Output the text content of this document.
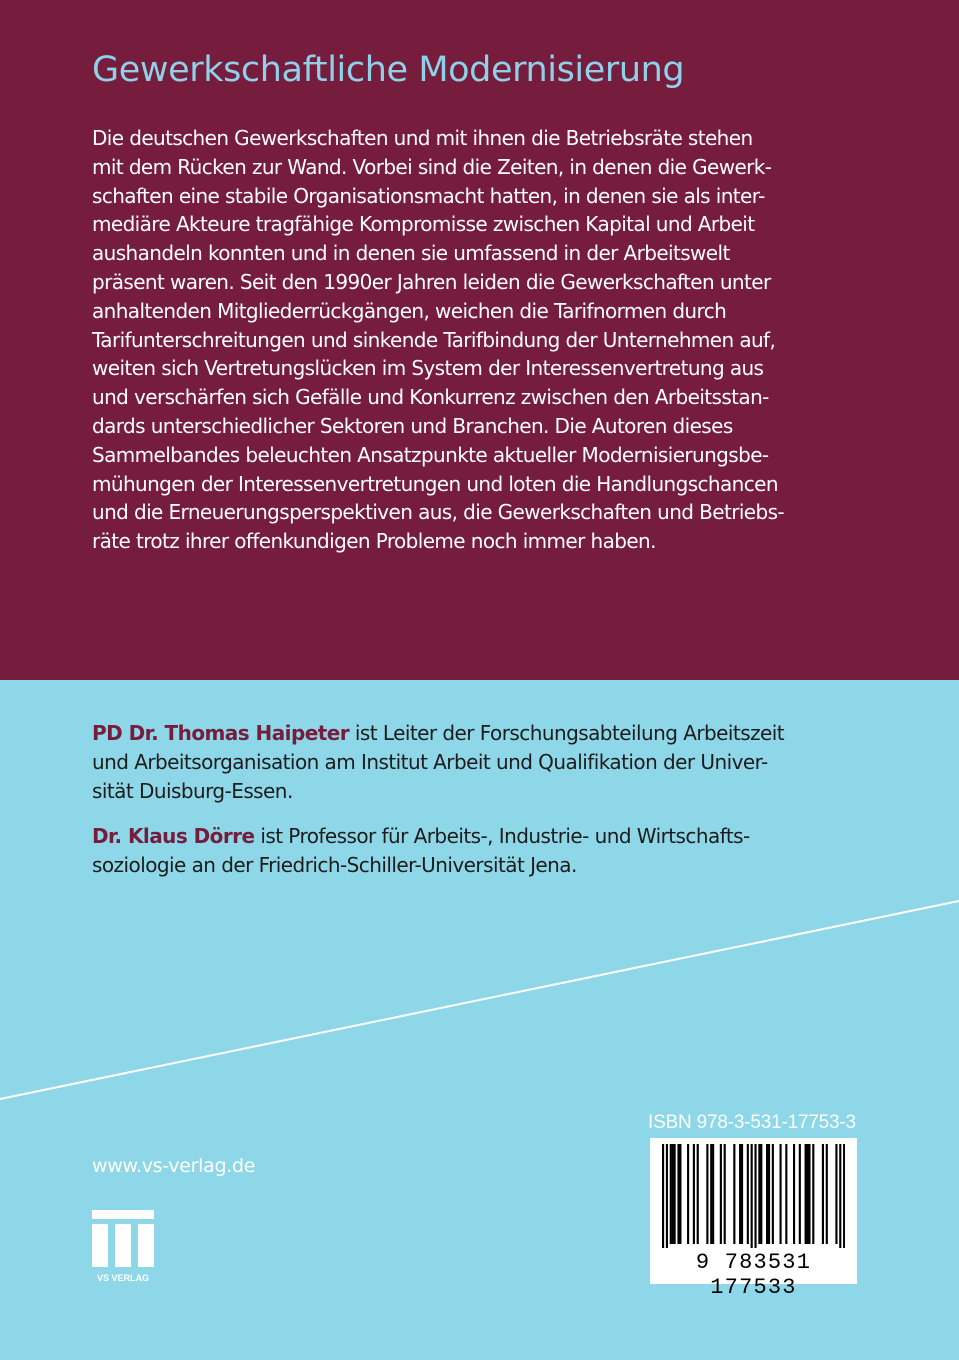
Gewerkschaftliche Modernisierung
Die deutschen Gewerkschaften und mit ihnen die Betriebsräte stehen
mit dem Rücken zur Wand. Vorbei sind die Zeiten, in denen die Gewerk-
schaften eine stabile Organisationsmacht hatten, in denen sie als inter-
mediäre Akteure tragfähige Kompromisse zwischen Kapital und Arbeit
aushandeln konnten und in denen sie umfassend in der Arbeitswelt
präsent waren. Seit den 1990er Jahren leiden die Gewerkschaften unter
anhaltenden Mitgliederrückgängen, weichen die Tarifnormen durch
Tarifunterschreitungen und sinkende Tarifbindung der Unternehmen auf,
weiten sich Vertretungslücken im System der Interessenvertretung aus
und verschärfen sich Gefälle und Konkurrenz zwischen den Arbeitsstan-
dards unterschiedlicher Sektoren und Branchen. Die Autoren dieses
Sammelbandes beleuchten Ansatzpunkte aktueller Modernisierungsbe-
mühungen der Interessenvertretungen und loten die Handlungschancen
und die Erneuerungsperspektiven aus, die Gewerkschaften und Betriebs-
räte trotz ihrer offenkundigen Probleme noch immer haben.
PD Dr. Thomas Haipeter ist Leiter der Forschungsabteilung Arbeitszeit
und Arbeitsorganisation am Institut Arbeit und Qualifikation der Univer-
sität Duisburg-Essen.
Dr. Klaus Dörre ist Professor für Arbeits-, Industrie- und Wirtschafts-
soziologie an der Friedrich-Schiller-Universität Jena.
www.vs-verlag.de
VS VERLAG
ISBN 978-3-531-17753-3
9 783531 177533
